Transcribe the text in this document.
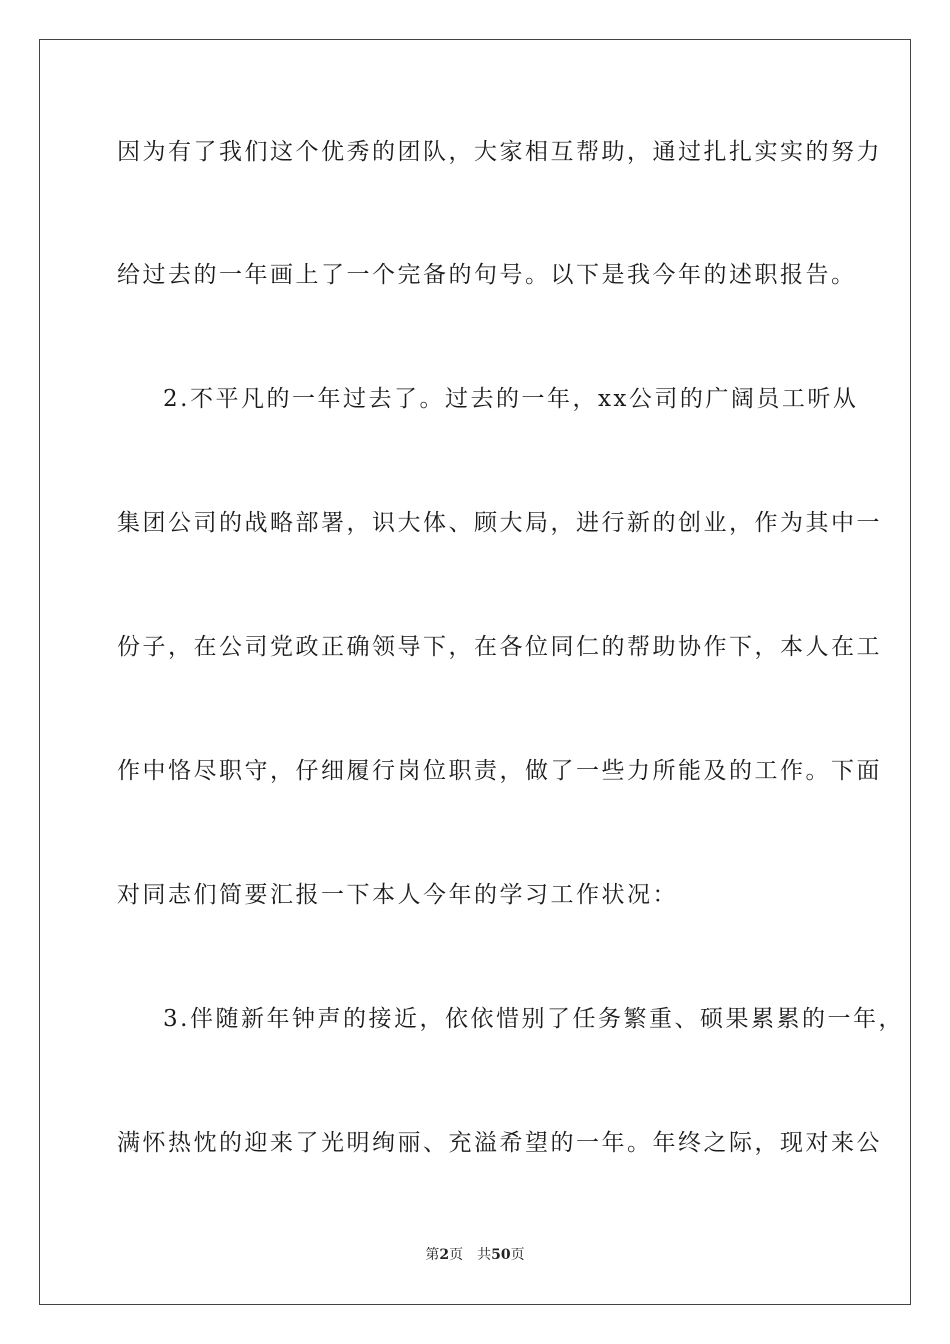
因为有了我们这个优秀的团队，大家相互帮助，通过扎扎实实的努力
给过去的一年画上了一个完备的句号。以下是我今年的述职报告。
2.不平凡的一年过去了。过去的一年，xx公司的广阔员工听从
集团公司的战略部署，识大体、顾大局，进行新的创业，作为其中一
份子，在公司党政正确领导下，在各位同仁的帮助协作下，本人在工
作中恪尽职守，仔细履行岗位职责，做了一些力所能及的工作。下面
对同志们简要汇报一下本人今年的学习工作状况：
3.伴随新年钟声的接近，依依惜别了任务繁重、硕果累累的一年，
满怀热忱的迎来了光明绚丽、充溢希望的一年。年终之际，现对来公
第2页 共50页
